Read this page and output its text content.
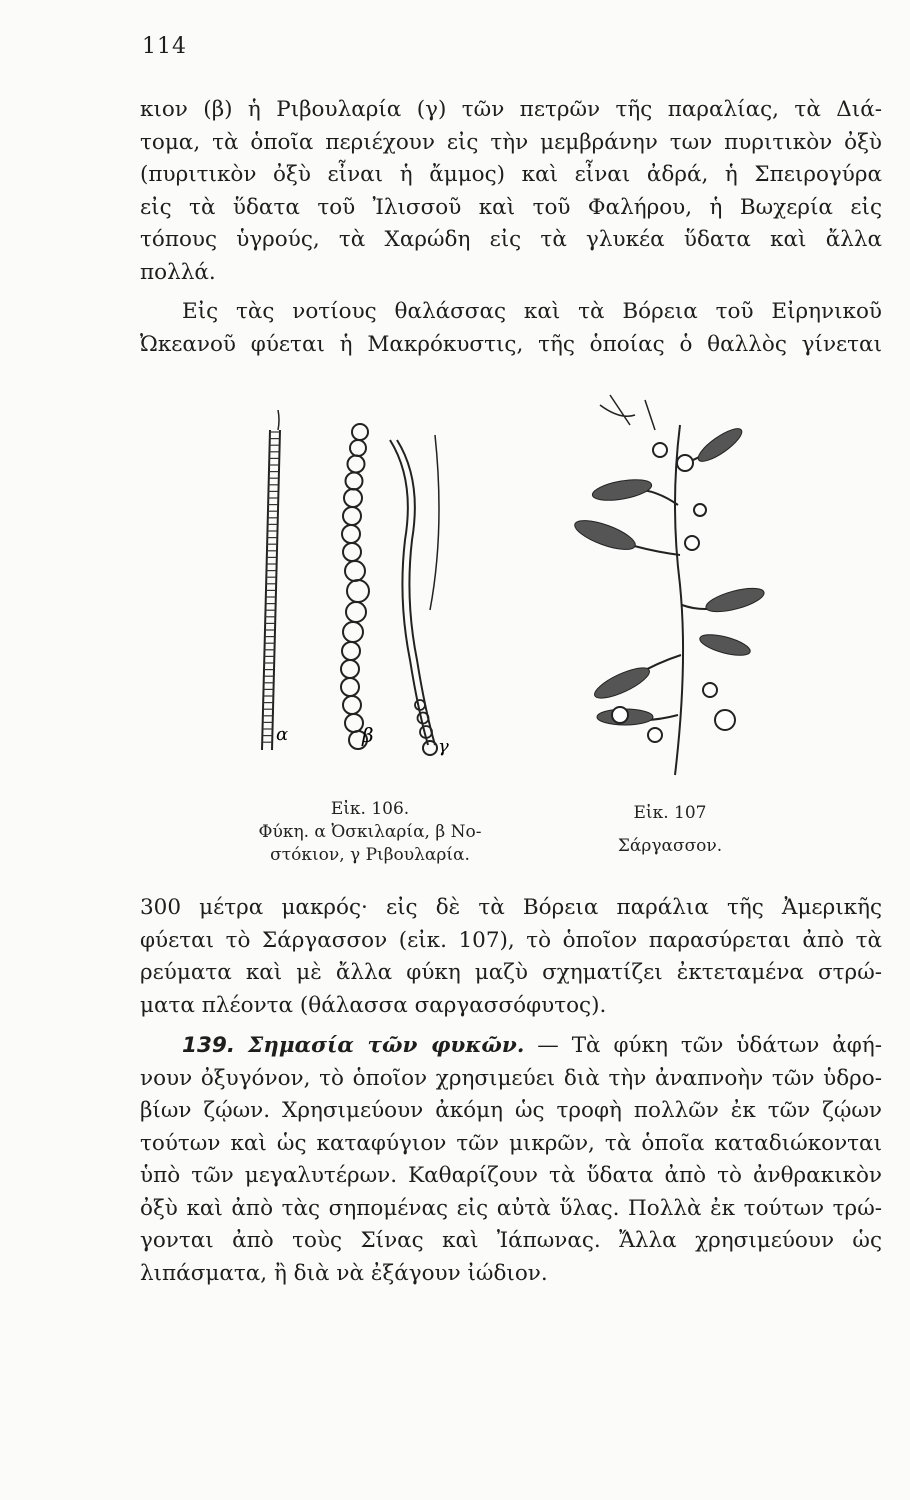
114
κιον (β) ἡ Ριβουλαρία (γ) τῶν πετρῶν τῆς παραλίας, τὰ Διά-
τομα, τὰ ὁποῖα περιέχουν εἰς τὴν μεμβράνην των πυριτικὸν ὀξὺ
(πυριτικὸν ὀξὺ εἶναι ἡ ἄμμος) καὶ εἶναι ἀδρά, ἡ Σπειρογύρα
εἰς τὰ ὕδατα τοῦ Ἰλισσοῦ καὶ τοῦ Φαλήρου, ἡ Βωχερία εἰς
τόπους ὑγρούς, τὰ Χαρώδη εἰς τὰ γλυκέα ὕδατα καὶ ἄλλα
πολλά.
Εἰς τὰς νοτίους θαλάσσας καὶ τὰ Βόρεια τοῦ Εἰρηνικοῦ
Ὠκεανοῦ φύεται ἡ Μακρόκυστις, τῆς ὁποίας ὁ θαλλὸς γίνεται
α	β	γ
Εἰκ. 106.
Φύκη. α Ὀσκιλαρία, β Νο-
στόκιον, γ Ριβουλαρία.
Εἰκ. 107
Σάργασσον.
300 μέτρα μακρός· εἰς δὲ τὰ Βόρεια παράλια τῆς Ἀμερικῆς
φύεται τὸ Σάργασσον (εἰκ. 107), τὸ ὁποῖον παρασύρεται ἀπὸ τὰ
ρεύματα καὶ μὲ ἄλλα φύκη μαζὺ σχηματίζει ἐκτεταμένα στρώ-
ματα πλέοντα (θάλασσα σαργασσόφυτος).
139. Σημασία τῶν φυκῶν. — Τὰ φύκη τῶν ὑδάτων ἀφή-
νουν ὀξυγόνον, τὸ ὁποῖον χρησιμεύει διὰ τὴν ἀναπνοὴν τῶν ὑδρο-
βίων ζῴων. Χρησιμεύουν ἀκόμη ὡς τροφὴ πολλῶν ἐκ τῶν ζῴων
τούτων καὶ ὡς καταφύγιον τῶν μικρῶν, τὰ ὁποῖα καταδιώκονται
ὑπὸ τῶν μεγαλυτέρων. Καθαρίζουν τὰ ὕδατα ἀπὸ τὸ ἀνθρακικὸν
ὀξὺ καὶ ἀπὸ τὰς σηπομένας εἰς αὐτὰ ὕλας. Πολλὰ ἐκ τούτων τρώ-
γονται ἀπὸ τοὺς Σίνας καὶ Ἰάπωνας. Ἄλλα χρησιμεύουν ὡς
λιπάσματα, ἢ διὰ νὰ ἐξάγουν ἰώδιον.
